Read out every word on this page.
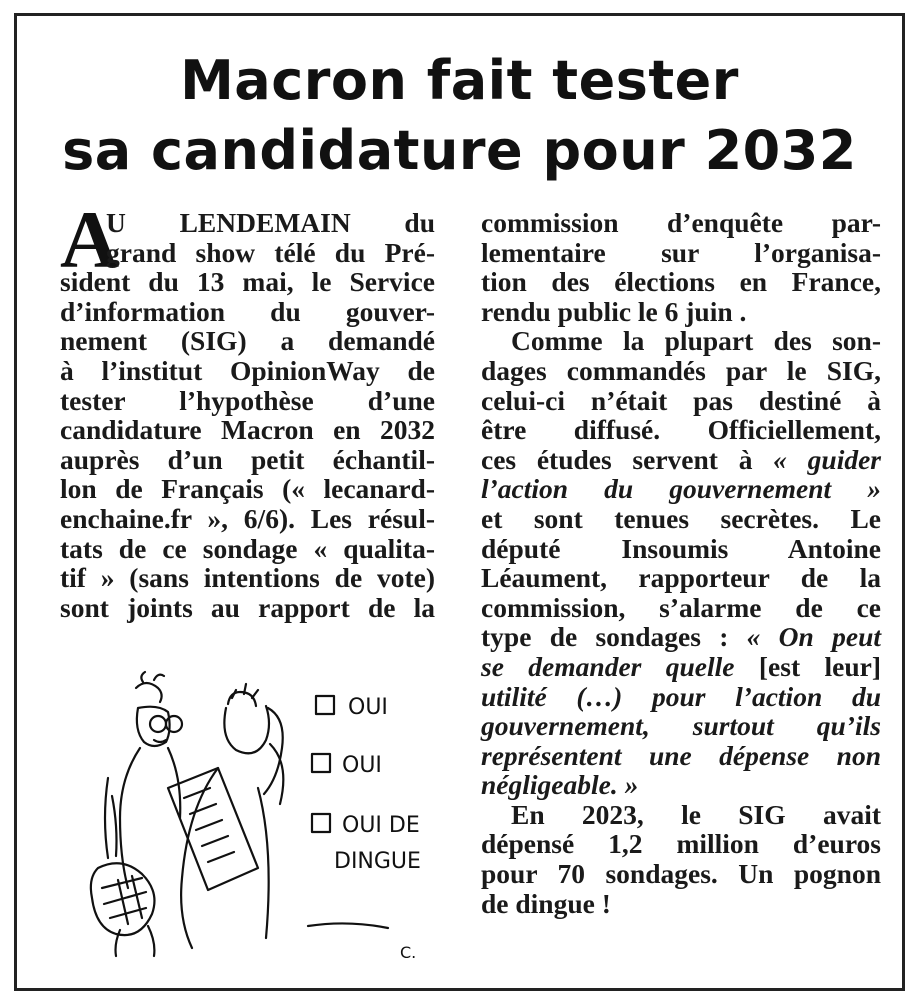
Macron fait tester
sa candidature pour 2032
A
U LENDEMAIN du
grand show télé du Pré-
sident du 13 mai, le Service
d’information du gouver-
nement (SIG) a demandé
à l’institut OpinionWay de
tester l’hypothèse d’une
candidature Macron en 2032
auprès d’un petit échantil-
lon de Français (« lecanard-
enchaine.fr », 6/6). Les résul-
tats de ce sondage « qualita-
tif » (sans intentions de vote)
sont joints au rapport de la
commission d’enquête par-
lementaire sur l’organisa-
tion des élections en France,
rendu public le 6 juin .
Comme la plupart des son-
dages commandés par le SIG,
celui-ci n’était pas destiné à
être diffusé. Officiellement,
ces études servent à « guider
l’action du gouvernement »
et sont tenues secrètes. Le
député Insoumis Antoine
Léaument, rapporteur de la
commission, s’alarme de ce
type de sondages : « On peut
se demander quelle [est leur]
utilité (…) pour l’action du
gouvernement, surtout qu’ils
représentent une dépense non
négligeable. »
En 2023, le SIG avait
dépensé 1,2 million d’euros
pour 70 sondages. Un pognon
de dingue !
OUI
OUI
OUI DE
DINGUE
C.
